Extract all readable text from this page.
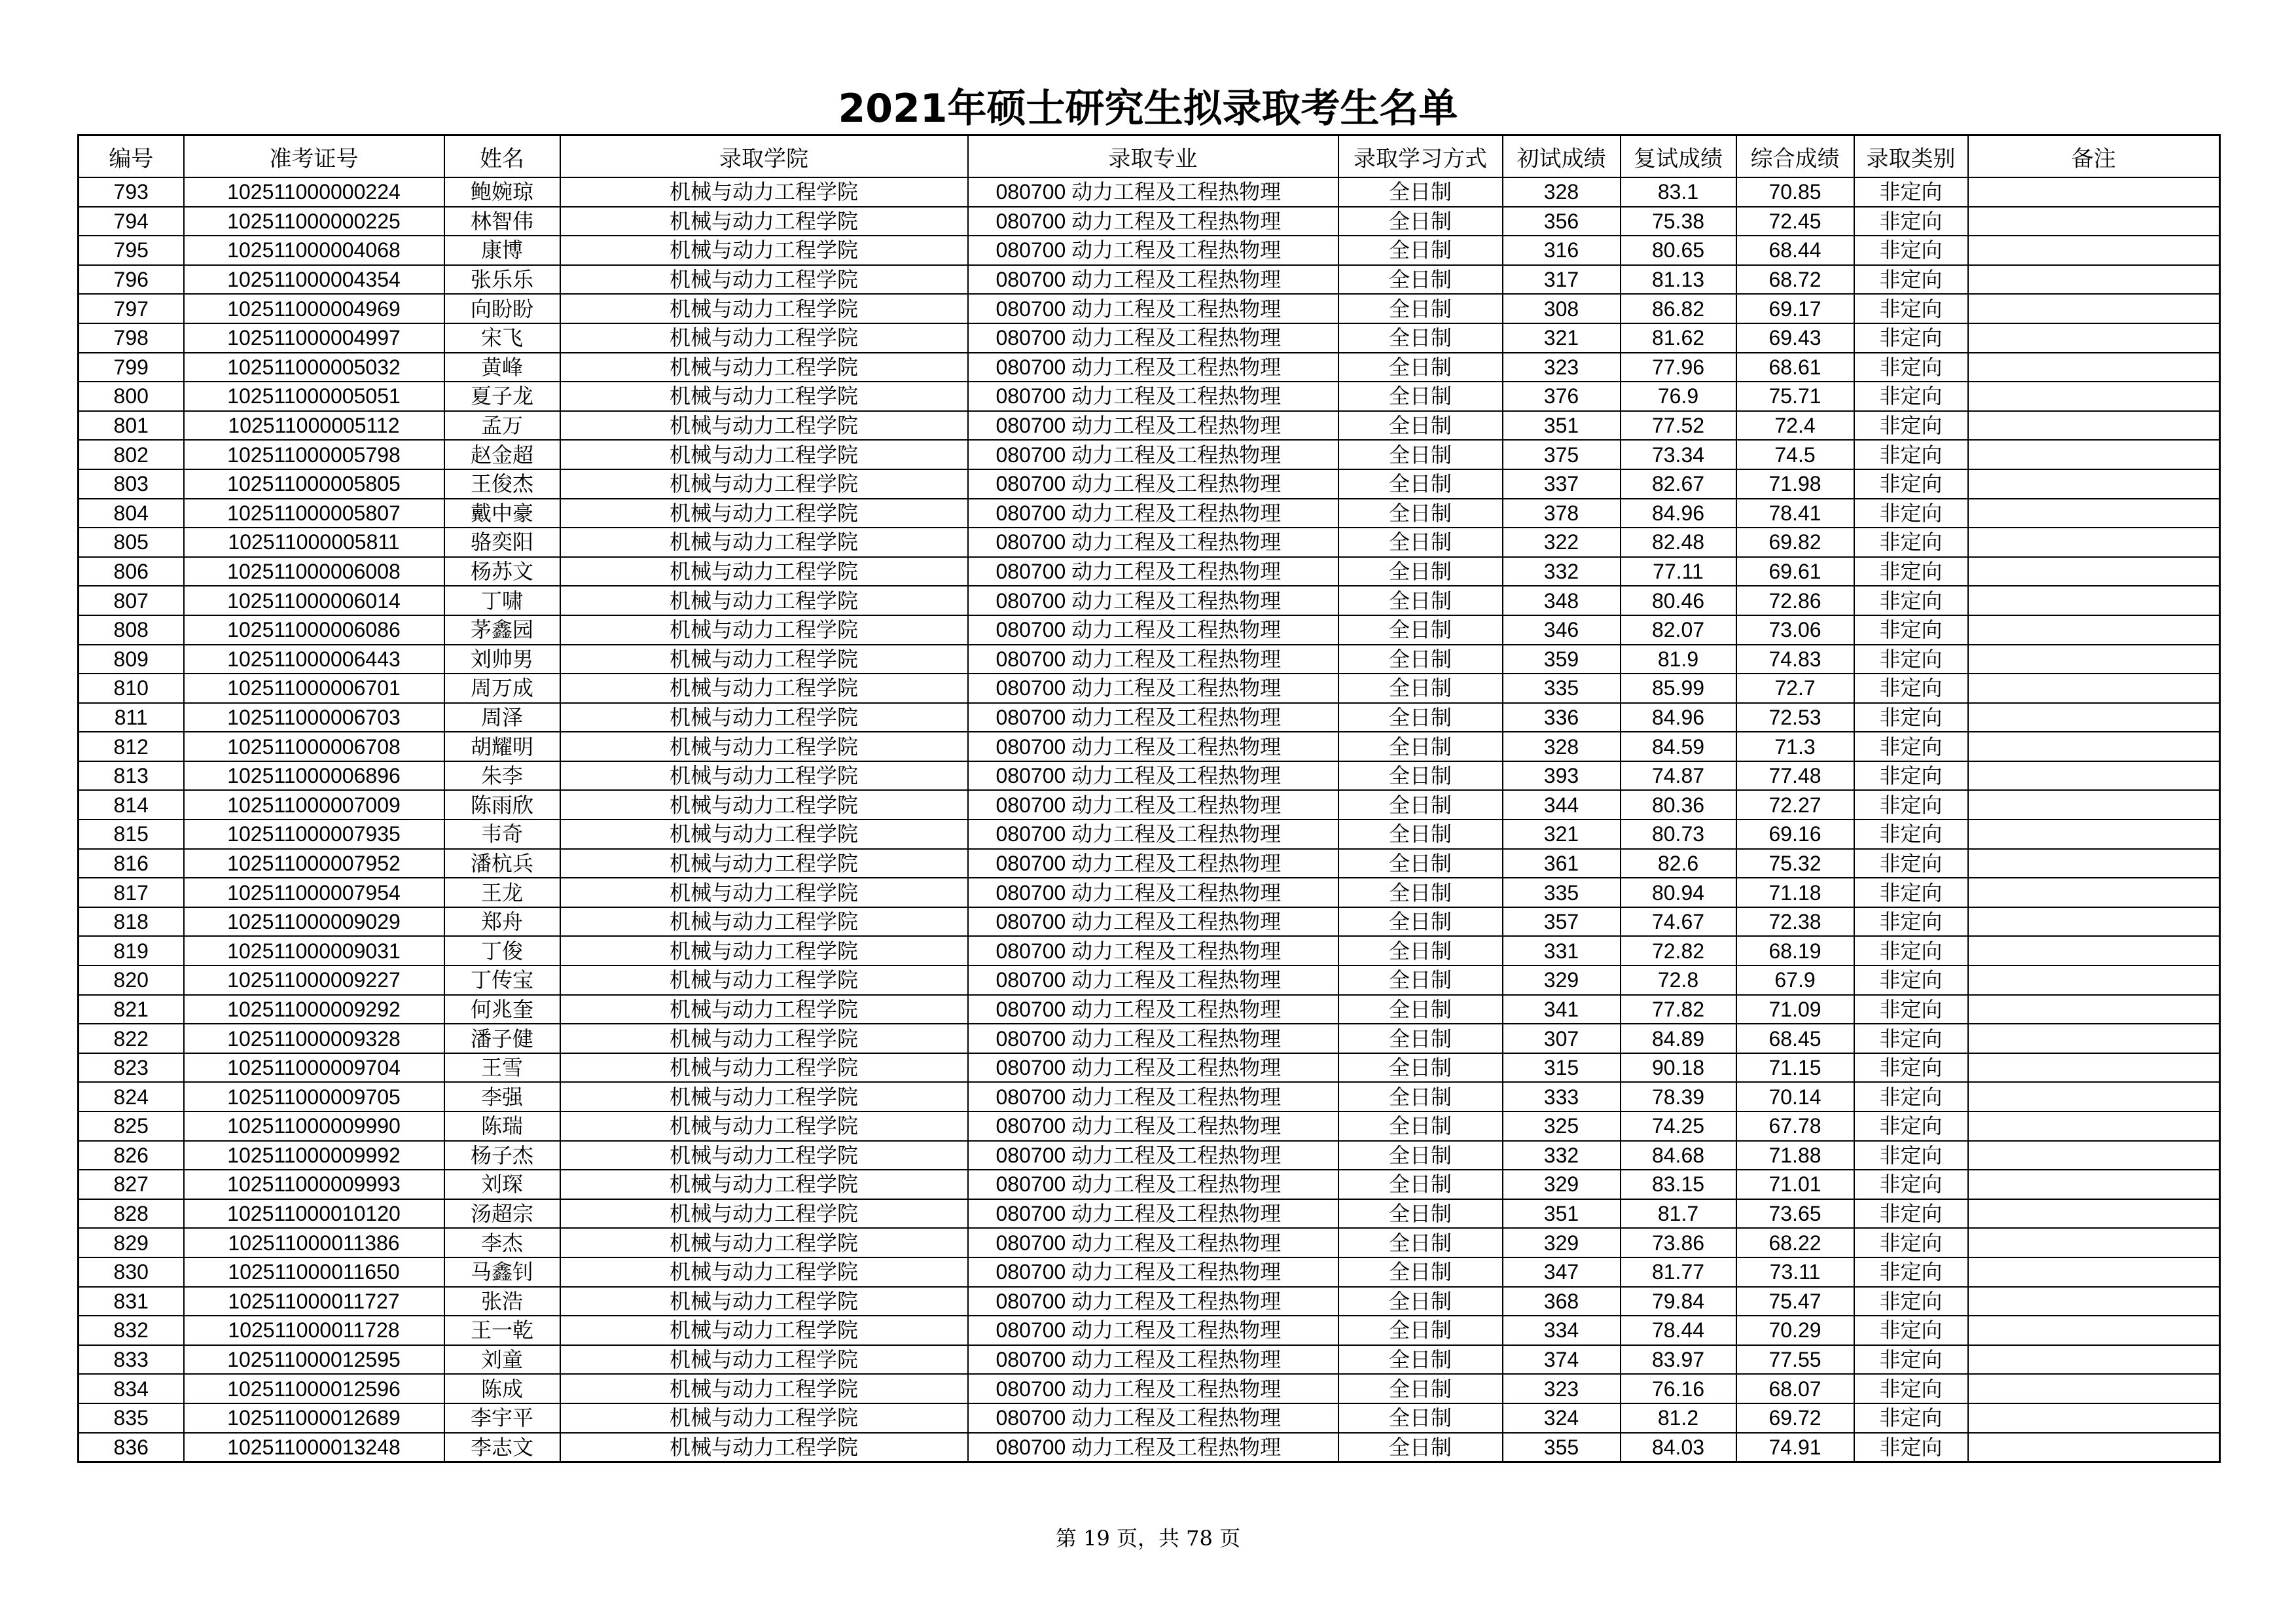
2021年硕士研究生拟录取考生名单
编号	准考证号	姓名	录取学院	录取专业	录取学习方式	初试成绩	复试成绩	综合成绩	录取类别	备注
793	102511000000224	鲍婉琼	机械与动力工程学院	080700 动力工程及工程热物理	全日制	328	83.1	70.85	非定向	
794	102511000000225	林智伟	机械与动力工程学院	080700 动力工程及工程热物理	全日制	356	75.38	72.45	非定向	
795	102511000004068	康博	机械与动力工程学院	080700 动力工程及工程热物理	全日制	316	80.65	68.44	非定向	
796	102511000004354	张乐乐	机械与动力工程学院	080700 动力工程及工程热物理	全日制	317	81.13	68.72	非定向	
797	102511000004969	向盼盼	机械与动力工程学院	080700 动力工程及工程热物理	全日制	308	86.82	69.17	非定向	
798	102511000004997	宋飞	机械与动力工程学院	080700 动力工程及工程热物理	全日制	321	81.62	69.43	非定向	
799	102511000005032	黄峰	机械与动力工程学院	080700 动力工程及工程热物理	全日制	323	77.96	68.61	非定向	
800	102511000005051	夏子龙	机械与动力工程学院	080700 动力工程及工程热物理	全日制	376	76.9	75.71	非定向	
801	102511000005112	孟万	机械与动力工程学院	080700 动力工程及工程热物理	全日制	351	77.52	72.4	非定向	
802	102511000005798	赵金超	机械与动力工程学院	080700 动力工程及工程热物理	全日制	375	73.34	74.5	非定向	
803	102511000005805	王俊杰	机械与动力工程学院	080700 动力工程及工程热物理	全日制	337	82.67	71.98	非定向	
804	102511000005807	戴中豪	机械与动力工程学院	080700 动力工程及工程热物理	全日制	378	84.96	78.41	非定向	
805	102511000005811	骆奕阳	机械与动力工程学院	080700 动力工程及工程热物理	全日制	322	82.48	69.82	非定向	
806	102511000006008	杨苏文	机械与动力工程学院	080700 动力工程及工程热物理	全日制	332	77.11	69.61	非定向	
807	102511000006014	丁啸	机械与动力工程学院	080700 动力工程及工程热物理	全日制	348	80.46	72.86	非定向	
808	102511000006086	茅鑫园	机械与动力工程学院	080700 动力工程及工程热物理	全日制	346	82.07	73.06	非定向	
809	102511000006443	刘帅男	机械与动力工程学院	080700 动力工程及工程热物理	全日制	359	81.9	74.83	非定向	
810	102511000006701	周万成	机械与动力工程学院	080700 动力工程及工程热物理	全日制	335	85.99	72.7	非定向	
811	102511000006703	周泽	机械与动力工程学院	080700 动力工程及工程热物理	全日制	336	84.96	72.53	非定向	
812	102511000006708	胡耀明	机械与动力工程学院	080700 动力工程及工程热物理	全日制	328	84.59	71.3	非定向	
813	102511000006896	朱李	机械与动力工程学院	080700 动力工程及工程热物理	全日制	393	74.87	77.48	非定向	
814	102511000007009	陈雨欣	机械与动力工程学院	080700 动力工程及工程热物理	全日制	344	80.36	72.27	非定向	
815	102511000007935	韦奇	机械与动力工程学院	080700 动力工程及工程热物理	全日制	321	80.73	69.16	非定向	
816	102511000007952	潘杭兵	机械与动力工程学院	080700 动力工程及工程热物理	全日制	361	82.6	75.32	非定向	
817	102511000007954	王龙	机械与动力工程学院	080700 动力工程及工程热物理	全日制	335	80.94	71.18	非定向	
818	102511000009029	郑舟	机械与动力工程学院	080700 动力工程及工程热物理	全日制	357	74.67	72.38	非定向	
819	102511000009031	丁俊	机械与动力工程学院	080700 动力工程及工程热物理	全日制	331	72.82	68.19	非定向	
820	102511000009227	丁传宝	机械与动力工程学院	080700 动力工程及工程热物理	全日制	329	72.8	67.9	非定向	
821	102511000009292	何兆奎	机械与动力工程学院	080700 动力工程及工程热物理	全日制	341	77.82	71.09	非定向	
822	102511000009328	潘子健	机械与动力工程学院	080700 动力工程及工程热物理	全日制	307	84.89	68.45	非定向	
823	102511000009704	王雪	机械与动力工程学院	080700 动力工程及工程热物理	全日制	315	90.18	71.15	非定向	
824	102511000009705	李强	机械与动力工程学院	080700 动力工程及工程热物理	全日制	333	78.39	70.14	非定向	
825	102511000009990	陈瑞	机械与动力工程学院	080700 动力工程及工程热物理	全日制	325	74.25	67.78	非定向	
826	102511000009992	杨子杰	机械与动力工程学院	080700 动力工程及工程热物理	全日制	332	84.68	71.88	非定向	
827	102511000009993	刘琛	机械与动力工程学院	080700 动力工程及工程热物理	全日制	329	83.15	71.01	非定向	
828	102511000010120	汤超宗	机械与动力工程学院	080700 动力工程及工程热物理	全日制	351	81.7	73.65	非定向	
829	102511000011386	李杰	机械与动力工程学院	080700 动力工程及工程热物理	全日制	329	73.86	68.22	非定向	
830	102511000011650	马鑫钊	机械与动力工程学院	080700 动力工程及工程热物理	全日制	347	81.77	73.11	非定向	
831	102511000011727	张浩	机械与动力工程学院	080700 动力工程及工程热物理	全日制	368	79.84	75.47	非定向	
832	102511000011728	王一乾	机械与动力工程学院	080700 动力工程及工程热物理	全日制	334	78.44	70.29	非定向	
833	102511000012595	刘童	机械与动力工程学院	080700 动力工程及工程热物理	全日制	374	83.97	77.55	非定向	
834	102511000012596	陈成	机械与动力工程学院	080700 动力工程及工程热物理	全日制	323	76.16	68.07	非定向	
835	102511000012689	李宇平	机械与动力工程学院	080700 动力工程及工程热物理	全日制	324	81.2	69.72	非定向	
836	102511000013248	李志文	机械与动力工程学院	080700 动力工程及工程热物理	全日制	355	84.03	74.91	非定向	
第 19 页，共 78 页
